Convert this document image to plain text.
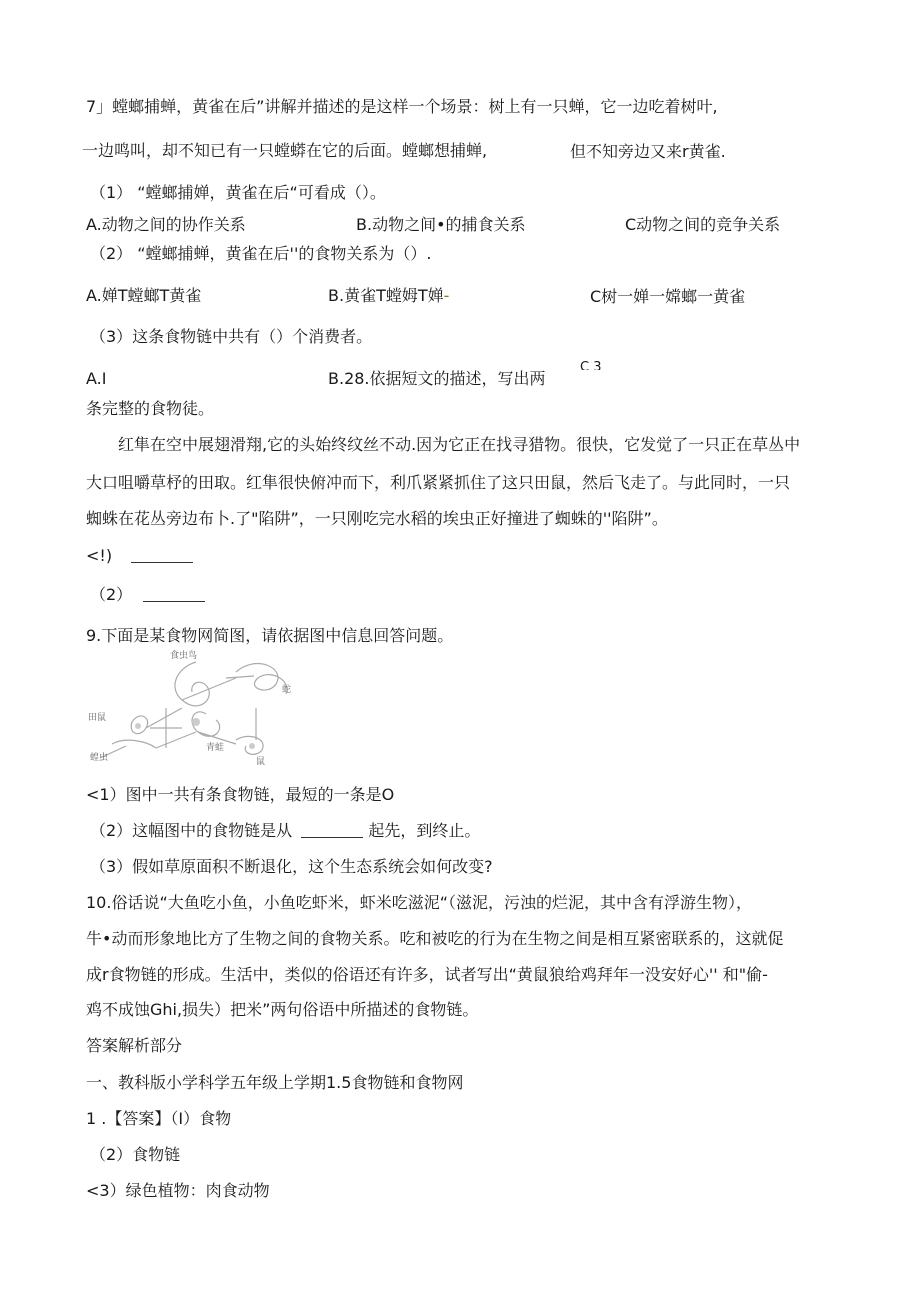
7」螳螂捕蝉，黄雀在后”讲解并描述的是这样一个场景：树上有一只蝉，它一边吃着树叶,
一边鸣叫，却不知已有一只螳蟒在它的后面。螳螂想捕蝉,	但不知旁边又来r黄雀.
（1） “螳螂捕婵，黄雀在后“可看成（）。
A.动物之间的协作关系	B.动物之间•的捕食关系	C动物之间的竞争关系
（2） “螳螂捕蝉，黄雀在后''的食物关系为（）.
A.婵T螳螂T黄雀	B.黄雀T螳姆T婵-	C树一婵一嫦螂一黄雀
（3）这条食物链中共有（）个消费者。
A.I	B.28.依据短文的描述，写出两
C 3
条完整的食物徒。
红隼在空中展翅滑翔,它的头始终纹丝不动.因为它正在找寻猎物。很快，它发觉了一只正在草丛中
大口咀嚼草杼的田取。红隼很快俯冲而下，利爪紧紧抓住了这只田鼠，然后飞走了。与此同时，一只
蜘蛛在花丛旁边布卜.了"陷阱”，一只刚吃完水稻的埃虫正好撞进了蜘蛛的''陷阱”。
<!)
（2）
9.下面是某食物网简图，请依据图中信息回答问题。
食虫鸟
蛇
田鼠
青蛙
鼠
蝗虫
<1）图中一共有条食物链，最短的一条是O
（2）这幅图中的食物链是从	起先，到终止。
（3）假如草原面积不断退化，这个生态系统会如何改变?
10.俗话说“大鱼吃小鱼，小鱼吃虾米，虾米吃滋泥“（滋泥，污浊的烂泥，其中含有浮游生物），
牛•动而形象地比方了生物之间的食物关系。吃和被吃的行为在生物之间是相互紧密联系的，这就促
成r食物链的形成。生活中，类似的俗语还有许多，试者写出“黄鼠狼给鸡拜年一没安好心'' 和"偷-
鸡不成蚀Ghi,损失）把米”两句俗语中所描述的食物链。
答案解析部分
一、教科版小学科学五年级上学期1.5食物链和食物网
1 .【答案】（I）食物
（2）食物链
<3）绿色植物：肉食动物
